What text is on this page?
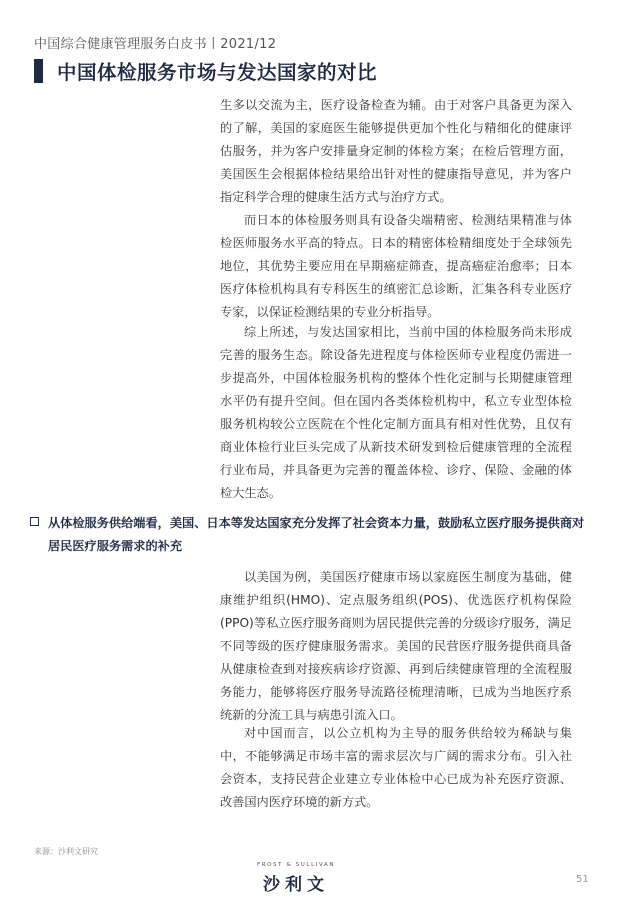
中国综合健康管理服务白皮书丨2021/12
中国体检服务市场与发达国家的对比

生多以交流为主，医疗设备检查为辅。由于对客户具备更为深入的了解，美国的家庭医生能够提供更加个性化与精细化的健康评估服务，并为客户安排量身定制的体检方案；在检后管理方面，美国医生会根据体检结果给出针对性的健康指导意见，并为客户指定科学合理的健康生活方式与治疗方式。

而日本的体检服务则具有设备尖端精密、检测结果精准与体检医师服务水平高的特点。日本的精密体检精细度处于全球领先地位，其优势主要应用在早期癌症筛查，提高癌症治愈率；日本医疗体检机构具有专科医生的缜密汇总诊断，汇集各科专业医疗专家，以保证检测结果的专业分析指导。

综上所述，与发达国家相比，当前中国的体检服务尚未形成完善的服务生态。除设备先进程度与体检医师专业程度仍需进一步提高外，中国体检服务机构的整体个性化定制与长期健康管理水平仍有提升空间。但在国内各类体检机构中，私立专业型体检服务机构较公立医院在个性化定制方面具有相对性优势，且仅有商业体检行业巨头完成了从新技术研发到检后健康管理的全流程行业布局，并具备更为完善的覆盖体检、诊疗、保险、金融的体检大生态。

从体检服务供给端看，美国、日本等发达国家充分发挥了社会资本力量，鼓励私立医疗服务提供商对居民医疗服务需求的补充

以美国为例，美国医疗健康市场以家庭医生制度为基础，健康维护组织(HMO)、定点服务组织(POS)、优选医疗机构保险(PPO)等私立医疗服务商则为居民提供完善的分级诊疗服务，满足不同等级的医疗健康服务需求。美国的民营医疗服务提供商具备从健康检查到对接疾病诊疗资源、再到后续健康管理的全流程服务能力，能够将医疗服务导流路径梳理清晰，已成为当地医疗系统新的分流工具与病患引流入口。

对中国而言，以公立机构为主导的服务供给较为稀缺与集中，不能够满足市场丰富的需求层次与广阔的需求分布。引入社会资本，支持民营企业建立专业体检中心已成为补充医疗资源、改善国内医疗环境的新方式。

来源：沙利文研究
FROST & SULLIVAN
沙利文	51
